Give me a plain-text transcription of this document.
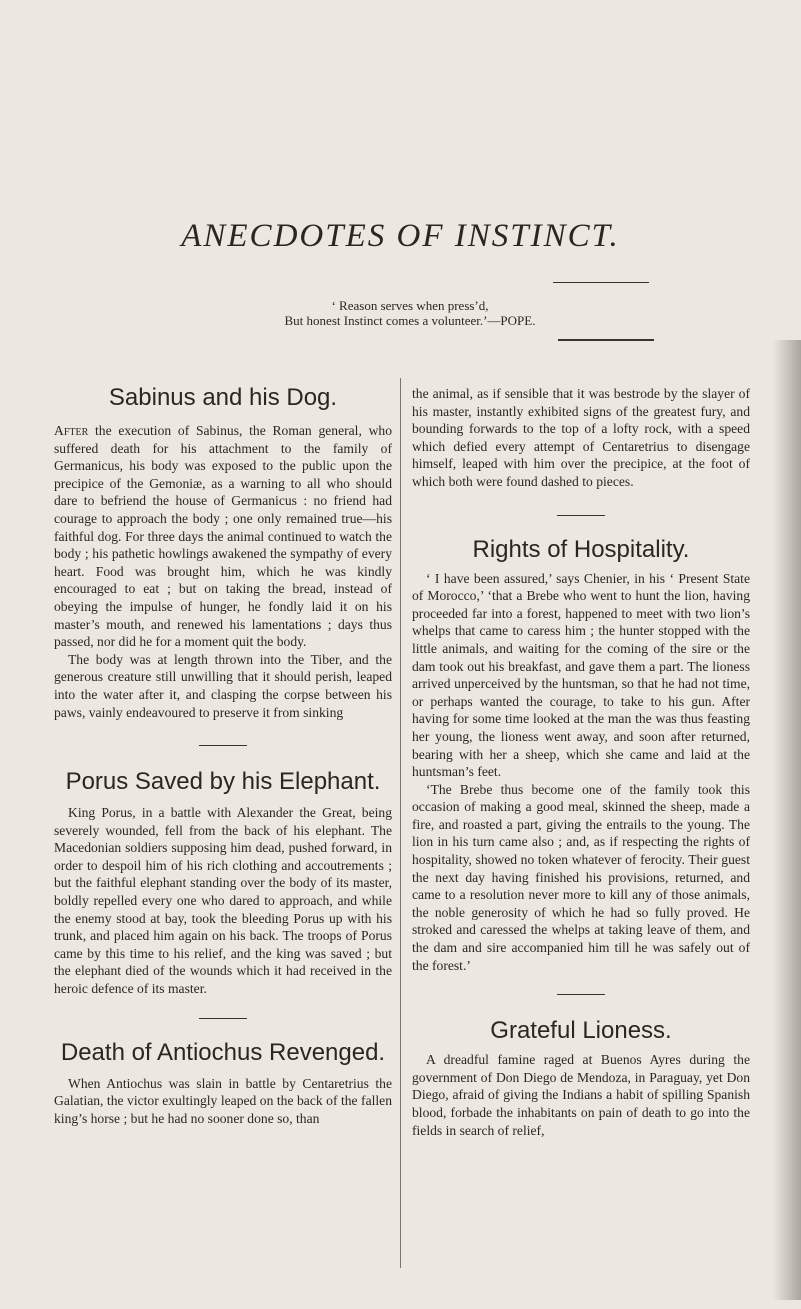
ANECDOTES OF INSTINCT.
‘ Reason serves when press’d,
But honest Instinct comes a volunteer.’—POPE.
Sabinus and his Dog.

After the execution of Sabinus, the Roman general, who suffered death for his attachment to the family of Germanicus, his body was exposed to the public upon the precipice of the Gemoniæ, as a warning to all who should dare to befriend the house of Germanicus : no friend had courage to approach the body ; one only remained true—his faithful dog. For three days the animal continued to watch the body ; his pathetic howlings awakened the sympathy of every heart. Food was brought him, which he was kindly encouraged to eat ; but on taking the bread, instead of obeying the impulse of hunger, he fondly laid it on his master’s mouth, and renewed his lamentations ; days thus passed, nor did he for a moment quit the body.

The body was at length thrown into the Tiber, and the generous creature still unwilling that it should perish, leaped into the water after it, and clasping the corpse between his paws, vainly endeavoured to preserve it from sinking

Porus Saved by his Elephant.

King Porus, in a battle with Alexander the Great, being severely wounded, fell from the back of his elephant. The Macedonian soldiers supposing him dead, pushed forward, in order to despoil him of his rich clothing and accoutrements ; but the faithful elephant standing over the body of its master, boldly repelled every one who dared to approach, and while the enemy stood at bay, took the bleeding Porus up with his trunk, and placed him again on his back. The troops of Porus came by this time to his relief, and the king was saved ; but the elephant died of the wounds which it had received in the heroic defence of its master.

Death of Antiochus Revenged.

When Antiochus was slain in battle by Centaretrius the Galatian, the victor exultingly leaped on the back of the fallen king’s horse ; but he had no sooner done so, than

the animal, as if sensible that it was bestrode by the slayer of his master, instantly exhibited signs of the greatest fury, and bounding forwards to the top of a lofty rock, with a speed which defied every attempt of Centaretrius to disengage himself, leaped with him over the precipice, at the foot of which both were found dashed to pieces.

Rights of Hospitality.

‘ I have been assured,’ says Chenier, in his ‘ Present State of Morocco,’ ‘that a Brebe who went to hunt the lion, having proceeded far into a forest, happened to meet with two lion’s whelps that came to caress him ; the hunter stopped with the little animals, and waiting for the coming of the sire or the dam took out his breakfast, and gave them a part. The lioness arrived unperceived by the huntsman, so that he had not time, or perhaps wanted the courage, to take to his gun. After having for some time looked at the man the was thus feasting her young, the lioness went away, and soon after returned, bearing with her a sheep, which she came and laid at the huntsman’s feet.

‘The Brebe thus become one of the family took this occasion of making a good meal, skinned the sheep, made a fire, and roasted a part, giving the entrails to the young. The lion in his turn came also ; and, as if respecting the rights of hospitality, showed no token whatever of ferocity. Their guest the next day having finished his provisions, returned, and came to a resolution never more to kill any of those animals, the noble generosity of which he had so fully proved. He stroked and caressed the whelps at taking leave of them, and the dam and sire accompanied him till he was safely out of the forest.’

Grateful Lioness.

A dreadful famine raged at Buenos Ayres during the government of Don Diego de Mendoza, in Paraguay, yet Don Diego, afraid of giving the Indians a habit of spilling Spanish blood, forbade the inhabitants on pain of death to go into the fields in search of relief,
